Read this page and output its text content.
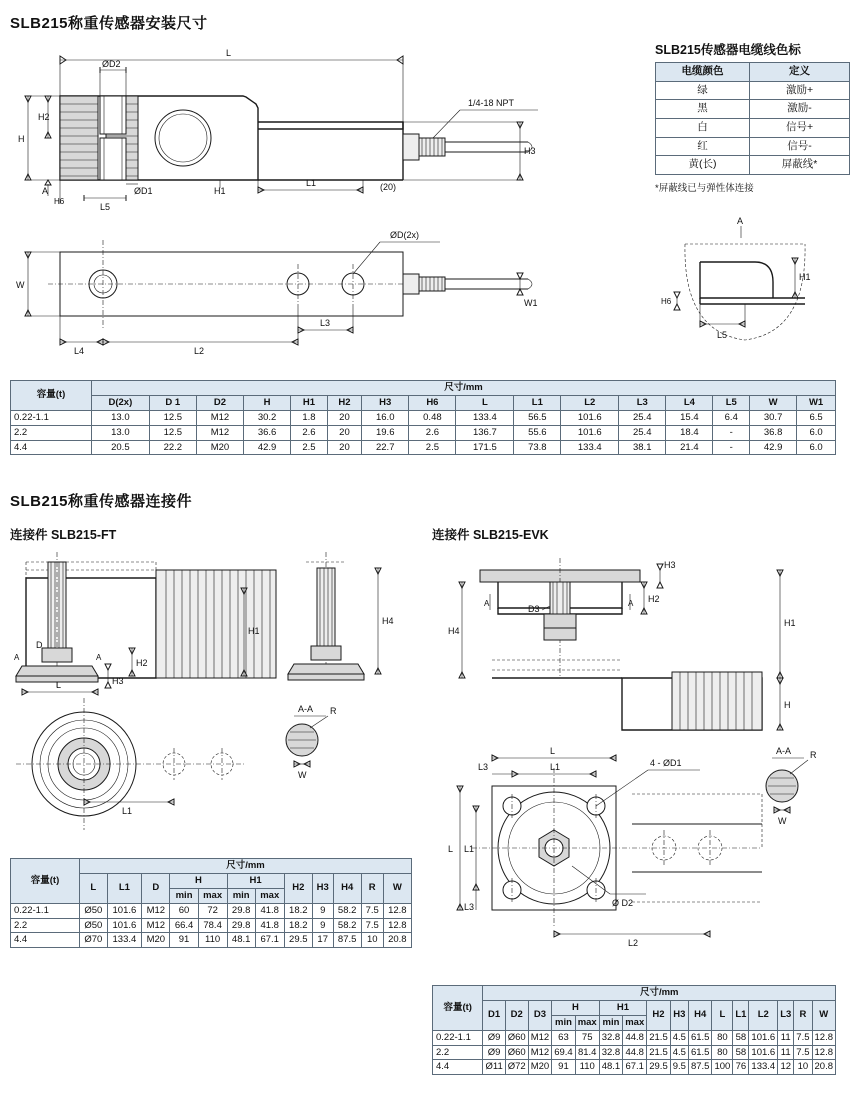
SLB215称重传感器安装尺寸
SLB215传感器电缆线色标
电缆颜色	定义
绿	激励+
黑	激励-
白	信号+
红	信号-
黄(长)	屏蔽线*
*屏蔽线已与弹性体连接
L
ØD2
1/4-18 NPT
H
H2
H3
A
H6
L5
ØD1	H1
L1	(20)
ØD(2x)
W
W1
L3
L4	L2
A
H1
H6
L5
容量(t)	尺寸/mm															
	D(2x)	D 1	D2	H	H1	H2	H3	H6	L	L1	L2	L3	L4	L5	W	W1
0.22-1.1	13.0	12.5	M12	30.2	1.8	20	16.0	0.48	133.4	56.5	101.6	25.4	15.4	6.4	30.7	6.5
2.2	13.0	12.5	M12	36.6	2.6	20	19.6	2.6	136.7	55.6	101.6	25.4	18.4	-	36.8	6.0
4.4	20.5	22.2	M20	42.9	2.5	20	22.7	2.5	171.5	73.8	133.4	38.1	21.4	-	42.9	6.0
SLB215称重传感器连接件
连接件 SLB215-FT	连接件 SLB215-EVK
A	A
D
L
H2
H3
H1
H4
L1
A-A R
W
容量(t)	尺寸/mm											
	L	L1	D	H		H1		H2	H3	H4	R	W
				min	max	min	max					
0.22-1.1	Ø50	101.6	M12	60	72	29.8	41.8	18.2	9	58.2	7.5	12.8
2.2	Ø50	101.6	M12	66.4	78.4	29.8	41.8	18.2	9	58.2	7.5	12.8
4.4	Ø70	133.4	M20	91	110	48.1	67.1	29.5	17	87.5	10	20.8
H3
H2
H4
H1
H
A	A
D3
4 - ØD1
Ø D2
L
L1
L3
L1
L
L3
L2
A-A R
W
容量(t)	尺寸/mm															
	D1	D2	D3	H		H1		H2	H3	H4	L	L1	L2	L3	R	W
				min	max	min	max									
0.22-1.1	Ø9	Ø60	M12	63	75	32.8	44.8	21.5	4.5	61.5	80	58	101.6	11	7.5	12.8
2.2	Ø9	Ø60	M12	69.4	81.4	32.8	44.8	21.5	4.5	61.5	80	58	101.6	11	7.5	12.8
4.4	Ø11	Ø72	M20	91	110	48.1	67.1	29.5	9.5	87.5	100	76	133.4	12	10	20.8
